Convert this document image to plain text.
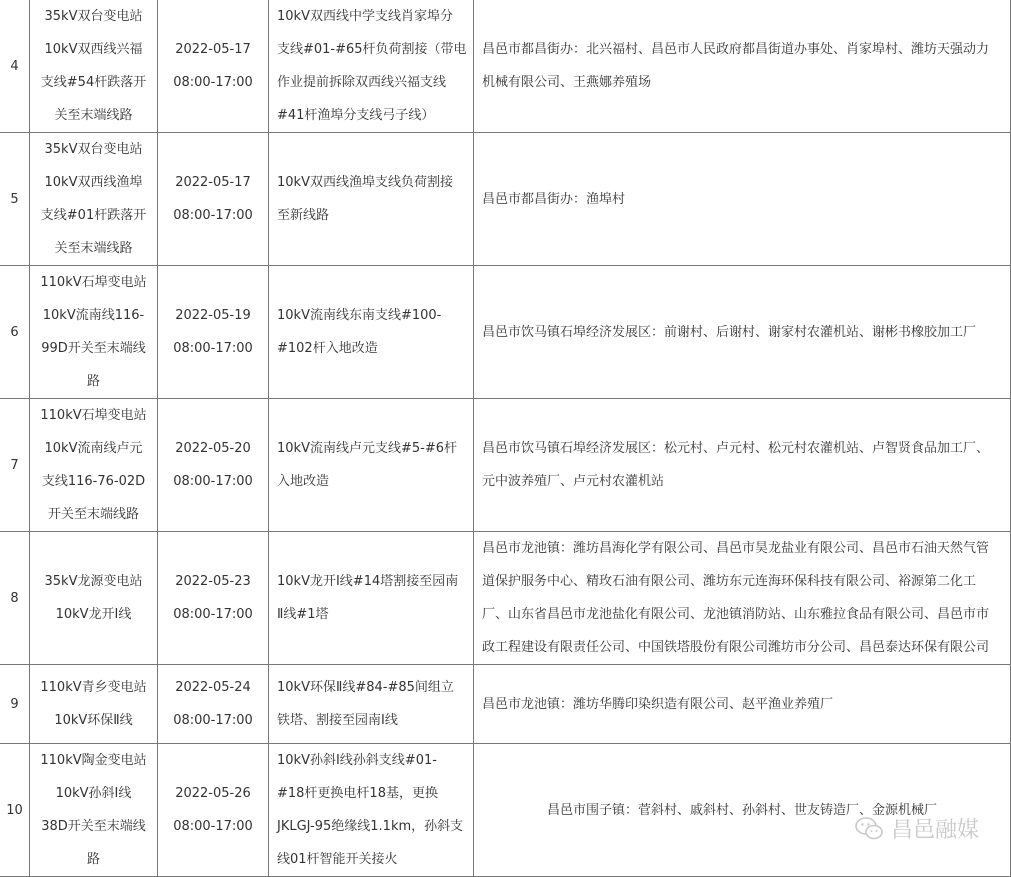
4	35kV双台变电站
10kV双西线兴福
支线#54杆跌落开
关至末端线路	2022-05-17
08:00-17:00	10kV双西线中学支线肖家埠分
支线#01-#65杆负荷割接（带电
作业提前拆除双西线兴福支线
#41杆渔埠分支线弓子线）	昌邑市都昌街办：北兴福村、昌邑市人民政府都昌街道办事处、肖家埠村、潍坊天强动力
机械有限公司、王燕娜养殖场

5	35kV双台变电站
10kV双西线渔埠
支线#01杆跌落开
关至末端线路	2022-05-17
08:00-17:00	10kV双西线渔埠支线负荷割接
至新线路	昌邑市都昌街办：渔埠村

6	110kV石埠变电站
10kV流南线116-
99D开关至末端线
路	2022-05-19
08:00-17:00	10kV流南线东南支线#100-
#102杆入地改造	昌邑市饮马镇石埠经济发展区：前谢村、后谢村、谢家村农灌机站、谢彬书橡胶加工厂

7	110kV石埠变电站
10kV流南线卢元
支线116-76-02D
开关至末端线路	2022-05-20
08:00-17:00	10kV流南线卢元支线#5-#6杆
入地改造	昌邑市饮马镇石埠经济发展区：松元村、卢元村、松元村农灌机站、卢智贤食品加工厂、
元中波养殖厂、卢元村农灌机站

8	35kV龙源变电站
10kV龙开Ⅰ线	2022-05-23
08:00-17:00	10kV龙开Ⅰ线#14塔割接至园南
Ⅱ线#1塔	昌邑市龙池镇：潍坊昌海化学有限公司、昌邑市昊龙盐业有限公司、昌邑市石油天然气管
道保护服务中心、精玫石油有限公司、潍坊东元连海环保科技有限公司、裕源第二化工
厂、山东省昌邑市龙池盐化有限公司、龙池镇消防站、山东雅拉食品有限公司、昌邑市市
政工程建设有限责任公司、中国铁塔股份有限公司潍坊市分公司、昌邑泰达环保有限公司

9	110kV青乡变电站
10kV环保Ⅱ线	2022-05-24
08:00-17:00	10kV环保Ⅱ线#84-#85间组立
铁塔、割接至园南Ⅰ线	昌邑市龙池镇：潍坊华腾印染织造有限公司、赵平渔业养殖厂

10	110kV陶金变电站
10kV孙斜Ⅰ线
38D开关至末端线
路	2022-05-26
08:00-17:00	10kV孙斜Ⅰ线孙斜支线#01-
#18杆更换电杆18基，更换
JKLGJ-95绝缘线1.1km，孙斜支
线01杆智能开关接火	昌邑市围子镇：菅斜村、戚斜村、孙斜村、世友铸造厂、金源机械厂
昌邑融媒
